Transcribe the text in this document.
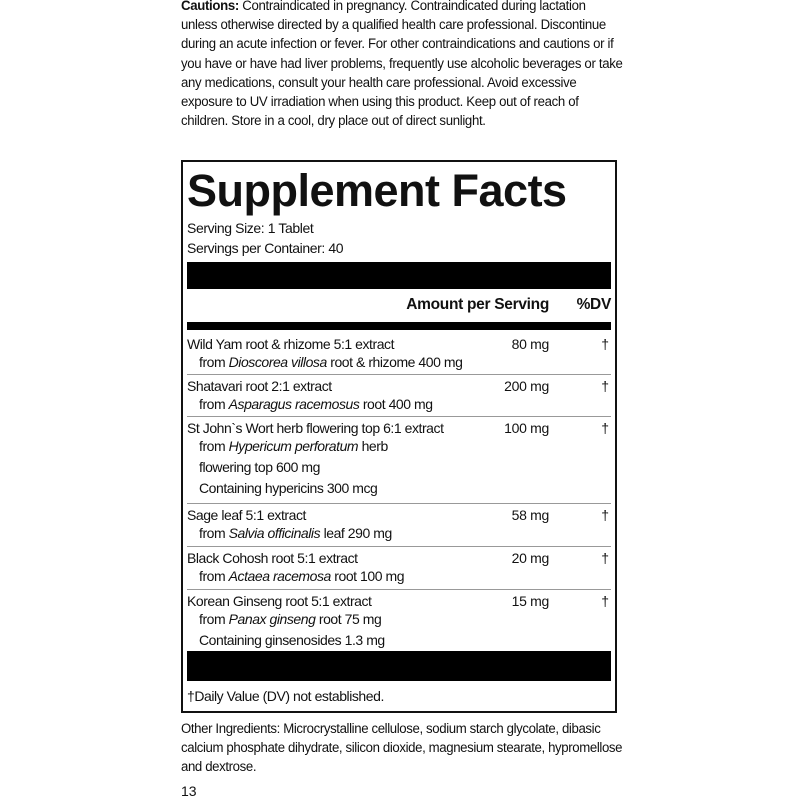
Cautions: Contraindicated in pregnancy. Contraindicated during lactation unless otherwise directed by a qualified health care professional. Discontinue during an acute infection or fever. For other contraindications and cautions or if you have or have had liver problems, frequently use alcoholic beverages or take any medications, consult your health care professional. Avoid excessive exposure to UV irradiation when using this product. Keep out of reach of children. Store in a cool, dry place out of direct sunlight.
Supplement Facts
Serving Size: 1 Tablet
Servings per Container: 40
Amount per Serving %DV
Wild Yam root & rhizome 5:1 extract	80 mg	†
from Dioscorea villosa root & rhizome 400 mg
Shatavari root 2:1 extract	200 mg	†
from Asparagus racemosus root 400 mg
St John`s Wort herb flowering top 6:1 extract	100 mg	†
from Hypericum perforatum herb
flowering top 600 mg
Containing hypericins 300 mcg
Sage leaf 5:1 extract	58 mg	†
from Salvia officinalis leaf 290 mg
Black Cohosh root 5:1 extract	20 mg	†
from Actaea racemosa root 100 mg
Korean Ginseng root 5:1 extract	15 mg	†
from Panax ginseng root 75 mg
Containing ginsenosides 1.3 mg
†Daily Value (DV) not established.
Other Ingredients: Microcrystalline cellulose, sodium starch glycolate, dibasic calcium phosphate dihydrate, silicon dioxide, magnesium stearate, hypromellose and dextrose.
13
